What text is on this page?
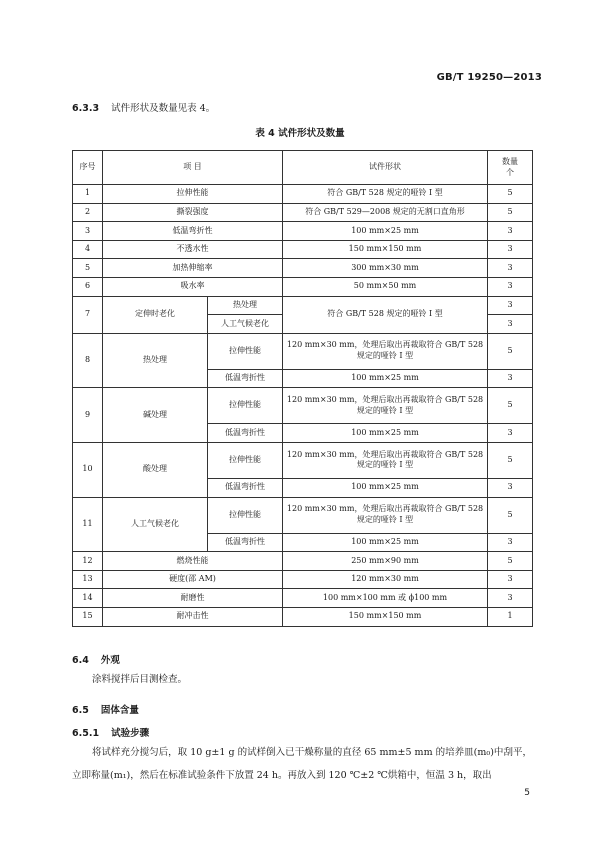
GB/T 19250—2013
6.3.3 试件形状及数量见表 4。
表 4 试件形状及数量
序号	项 目		试件形状	数量
个
1	拉伸性能		符合 GB/T 528 规定的哑铃 I 型	5
2	撕裂强度		符合 GB/T 529—2008 规定的无割口直角形	5
3	低温弯折性		100 mm×25 mm	3
4	不透水性		150 mm×150 mm	3
5	加热伸缩率		300 mm×30 mm	3
6	吸水率		50 mm×50 mm	3
7	定伸时老化	热处理	符合 GB/T 528 规定的哑铃 I 型	3
		人工气候老化		3
8	热处理	拉伸性能	120 mm×30 mm，处理后取出再裁取符合 GB/T 528 规定的哑铃 I 型	5
		低温弯折性	100 mm×25 mm	3
9	碱处理	拉伸性能	120 mm×30 mm，处理后取出再裁取符合 GB/T 528 规定的哑铃 I 型	5
		低温弯折性	100 mm×25 mm	3
10	酸处理	拉伸性能	120 mm×30 mm，处理后取出再裁取符合 GB/T 528 规定的哑铃 I 型	5
		低温弯折性	100 mm×25 mm	3
11	人工气候老化	拉伸性能	120 mm×30 mm，处理后取出再裁取符合 GB/T 528 规定的哑铃 I 型	5
		低温弯折性	100 mm×25 mm	3
12	燃烧性能		250 mm×90 mm	5
13	硬度(邵 AM)		120 mm×30 mm	3
14	耐磨性		100 mm×100 mm 或 ϕ100 mm	3
15	耐冲击性		150 mm×150 mm	1
6.4 外观
涂料搅拌后目测检查。
6.5 固体含量
6.5.1 试验步骤
将试样充分搅匀后，取 10 g±1 g 的试样倒入已干燥称量的直径 65 mm±5 mm 的培养皿(m₀)中刮平，立即称量(m₁)，然后在标准试验条件下放置 24 h。再放入到 120 ℃±2 ℃烘箱中，恒温 3 h，取出
5
